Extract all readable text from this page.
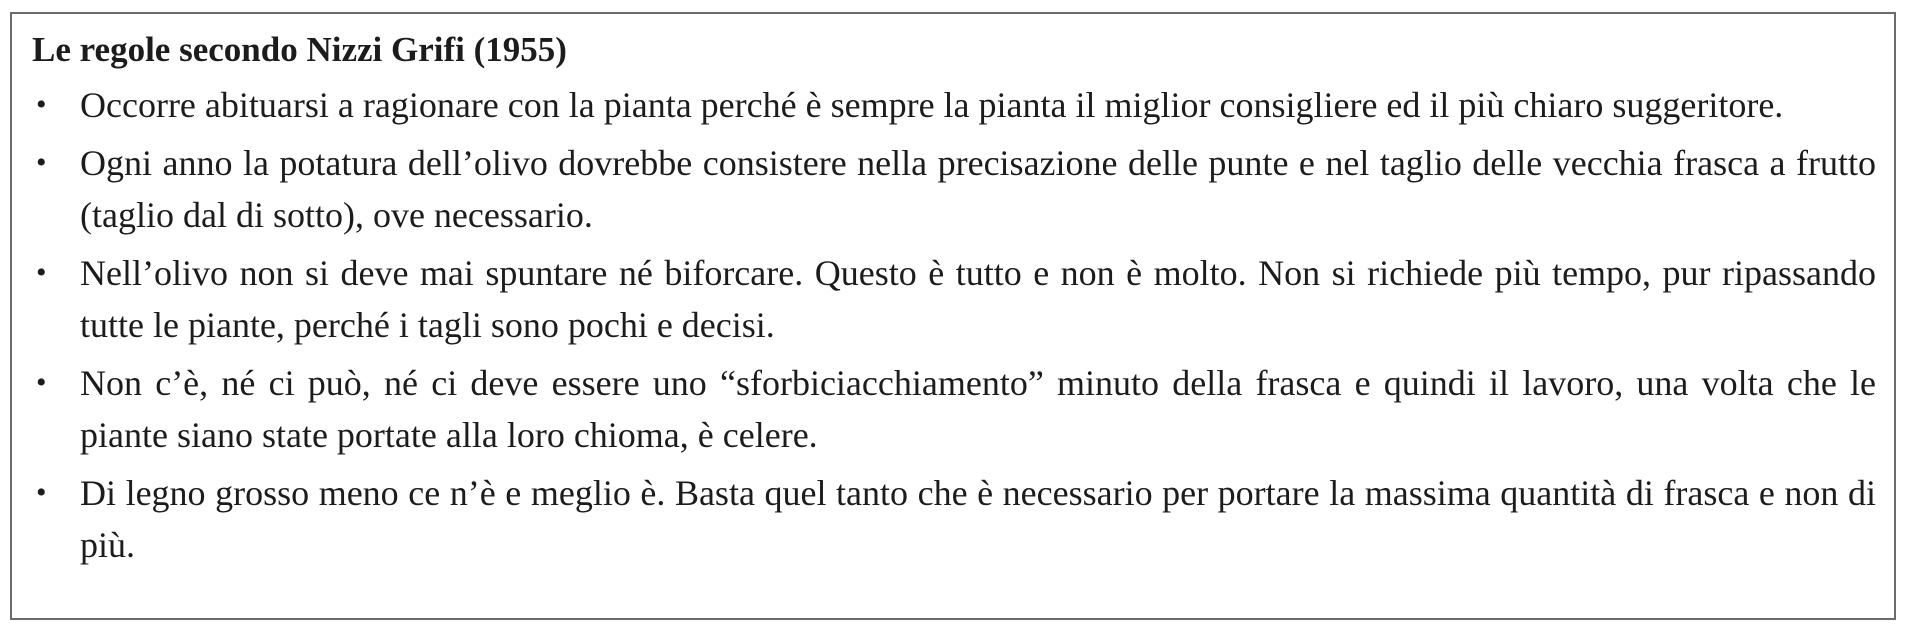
Le regole secondo Nizzi Grifi (1955)
• Occorre abituarsi a ragionare con la pianta perché è sempre la pianta il miglior consigliere ed il più chiaro suggeritore.
• Ogni anno la potatura dell’olivo dovrebbe consistere nella precisazione delle punte e nel taglio delle vecchia frasca a frutto (taglio dal di sotto), ove necessario.
• Nell’olivo non si deve mai spuntare né biforcare. Questo è tutto e non è molto. Non si richiede più tempo, pur ripassando tutte le piante, perché i tagli sono pochi e decisi.
• Non c’è, né ci può, né ci deve essere uno “sforbiciacchiamento” minuto della frasca e quindi il lavoro, una volta che le piante siano state portate alla loro chioma, è celere.
• Di legno grosso meno ce n’è e meglio è. Basta quel tanto che è necessario per portare la massima quantità di frasca e non di più.
